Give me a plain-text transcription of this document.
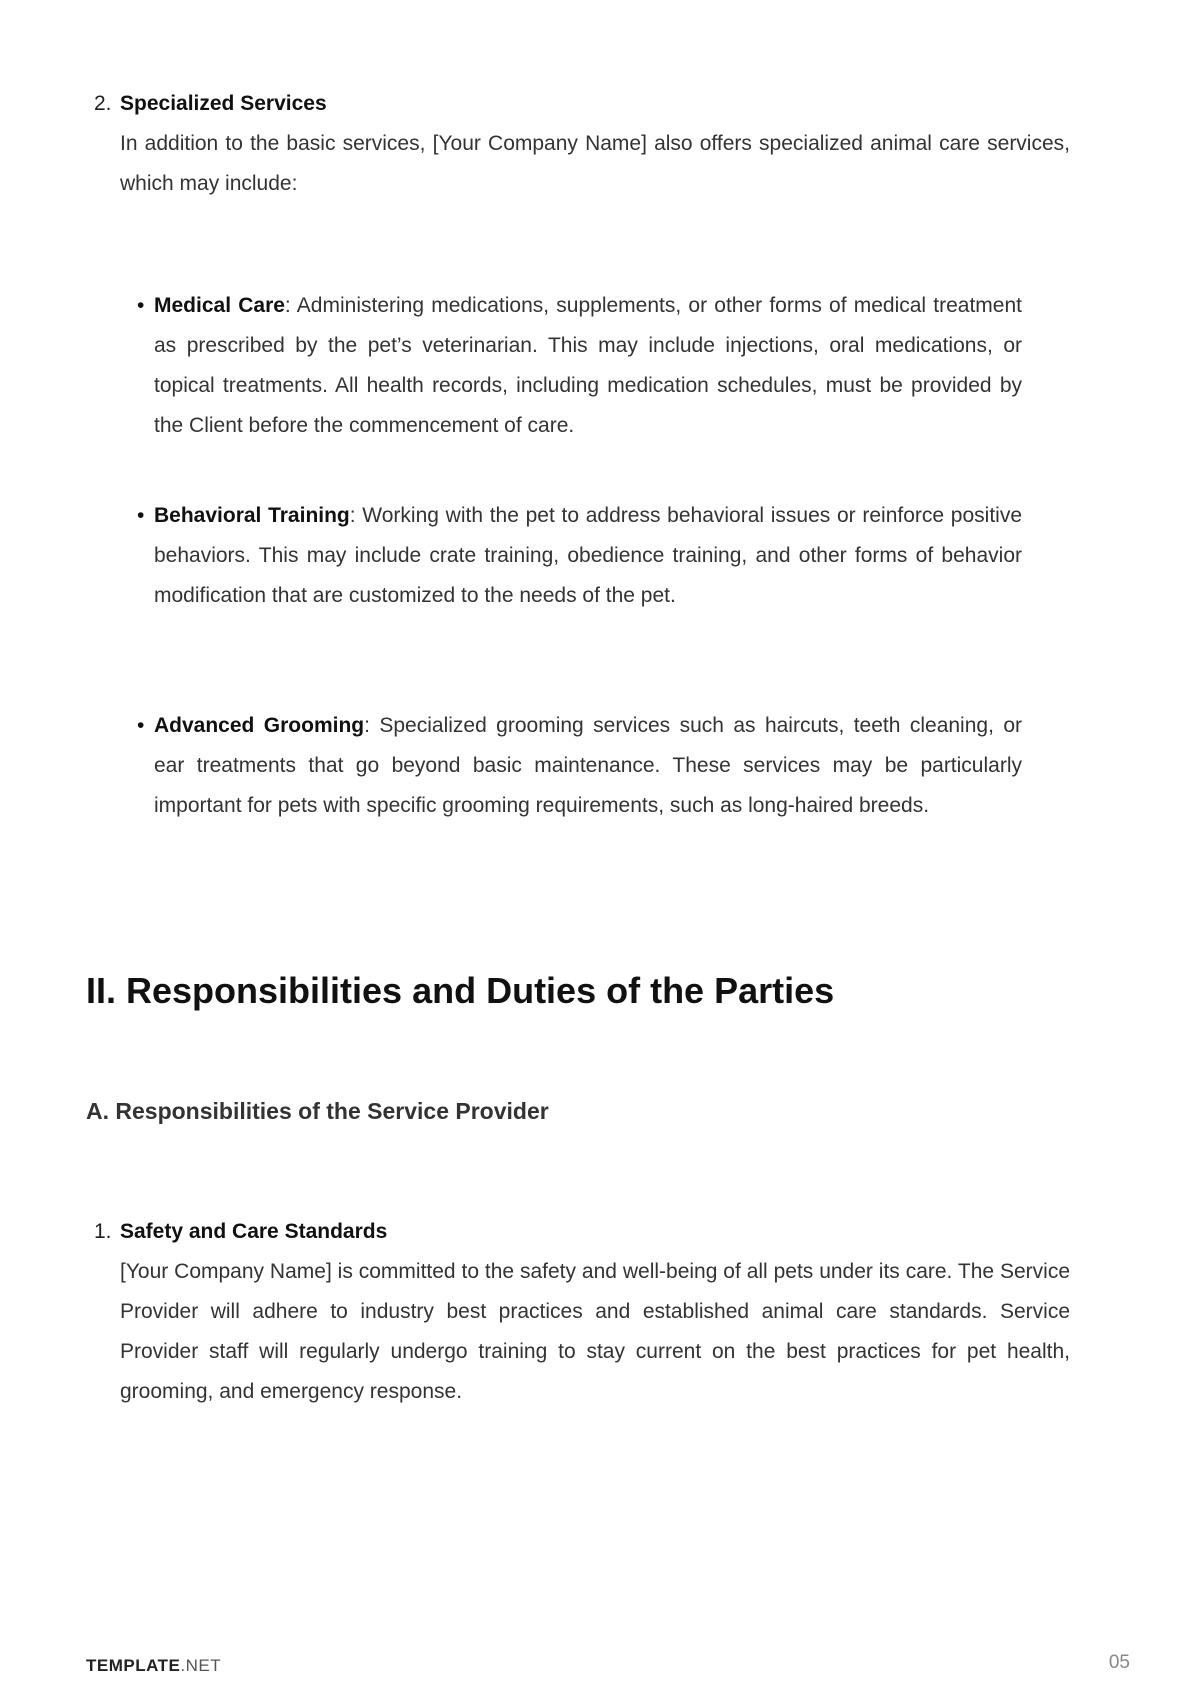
2. Specialized Services

In addition to the basic services, [Your Company Name] also offers specialized animal care services, which may include:

• Medical Care: Administering medications, supplements, or other forms of medical treatment as prescribed by the pet’s veterinarian. This may include injections, oral medications, or topical treatments. All health records, including medication schedules, must be provided by the Client before the commencement of care.
• Behavioral Training: Working with the pet to address behavioral issues or reinforce positive behaviors. This may include crate training, obedience training, and other forms of behavior modification that are customized to the needs of the pet.
• Advanced Grooming: Specialized grooming services such as haircuts, teeth cleaning, or ear treatments that go beyond basic maintenance. These services may be particularly important for pets with specific grooming requirements, such as long-haired breeds.
II. Responsibilities and Duties of the Parties
A. Responsibilities of the Service Provider
1. Safety and Care Standards

[Your Company Name] is committed to the safety and well-being of all pets under its care. The Service Provider will adhere to industry best practices and established animal care standards. Service Provider staff will regularly undergo training to stay current on the best practices for pet health, grooming, and emergency response.

TEMPLATE.NET	05
